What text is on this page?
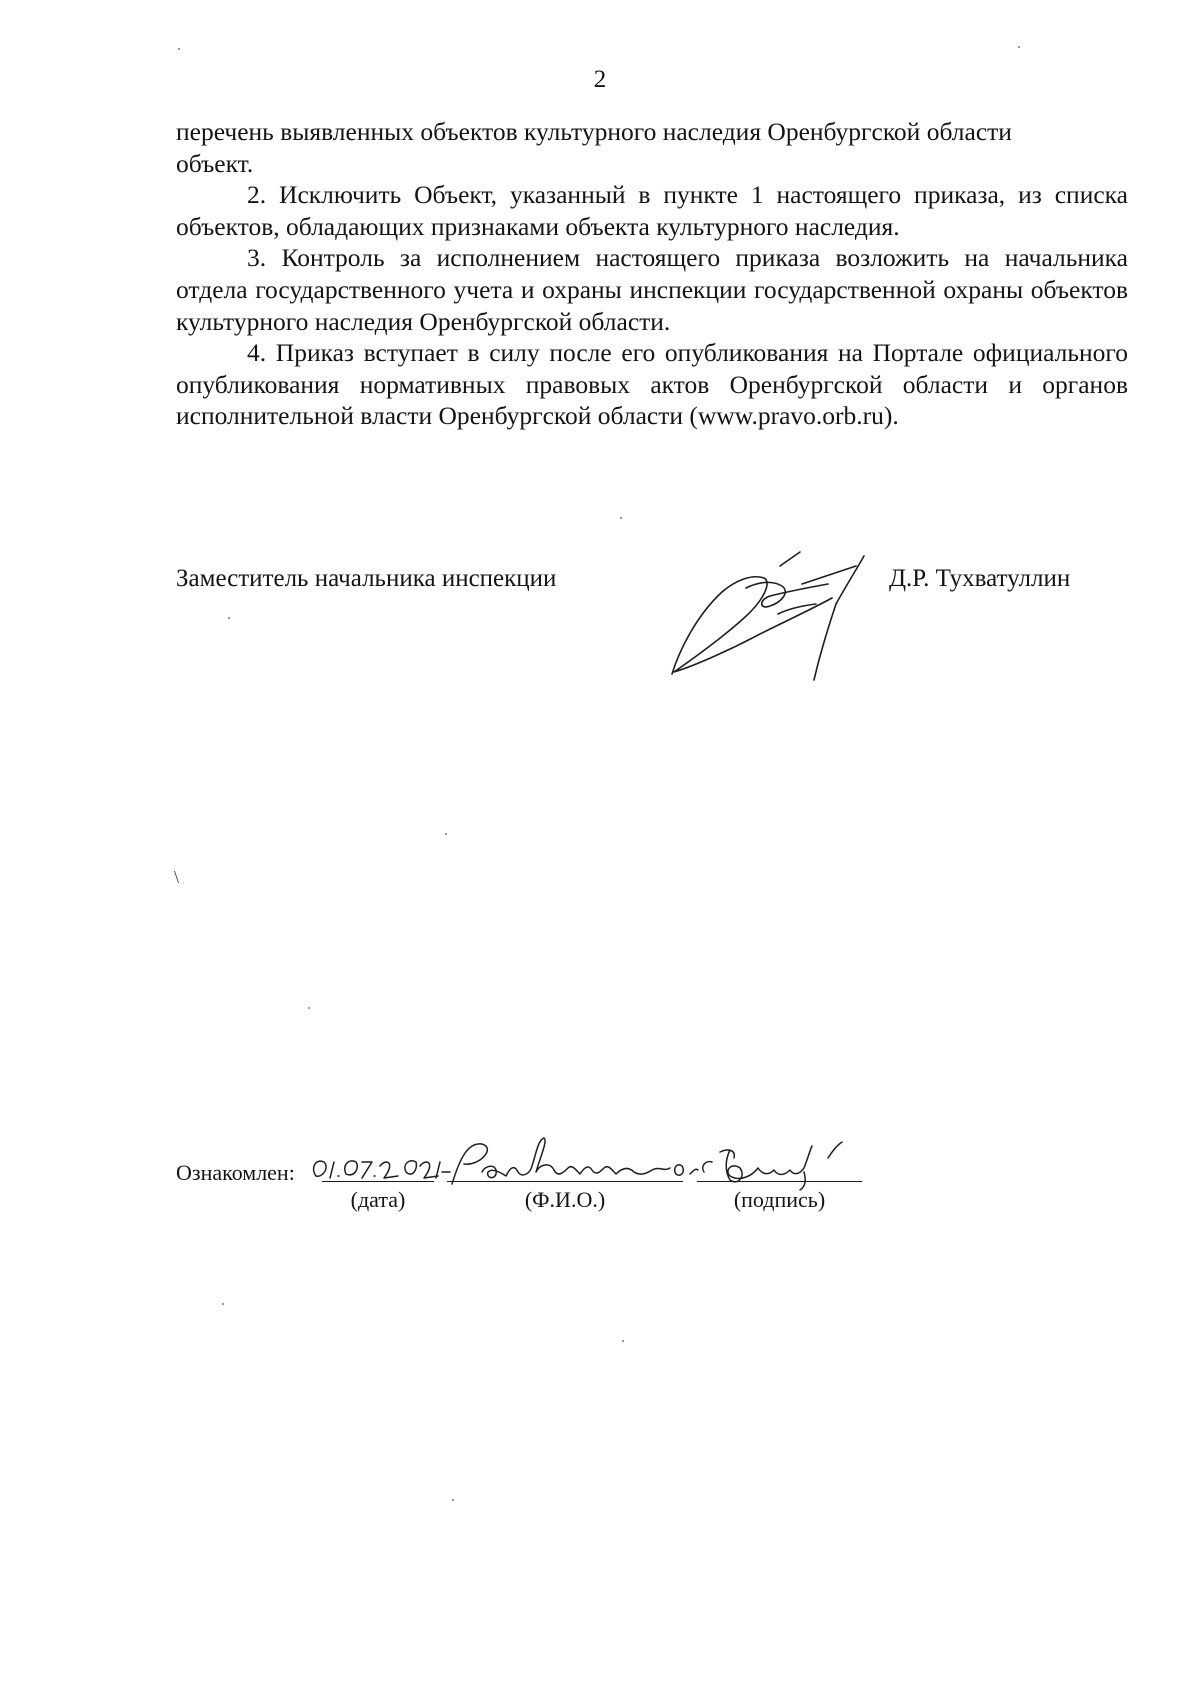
2

перечень выявленных объектов культурного наследия Оренбургской области
объект.

2. Исключить Объект, указанный в пункте 1 настоящего приказа, из списка объектов, обладающих признаками объекта культурного наследия.

3. Контроль за исполнением настоящего приказа возложить на начальника отдела государственного учета и охраны инспекции государственной охраны объектов культурного наследия Оренбургской области.

4. Приказ вступает в силу после его опубликования на Портале официального опубликования нормативных правовых актов Оренбургской области и органов исполнительной власти Оренбургской области (www.pravo.orb.ru).

Заместитель начальника инспекции	Д.Р. Тухватуллин
\
Ознакомлен:
(дата)	(Ф.И.О.)	(подпись)
